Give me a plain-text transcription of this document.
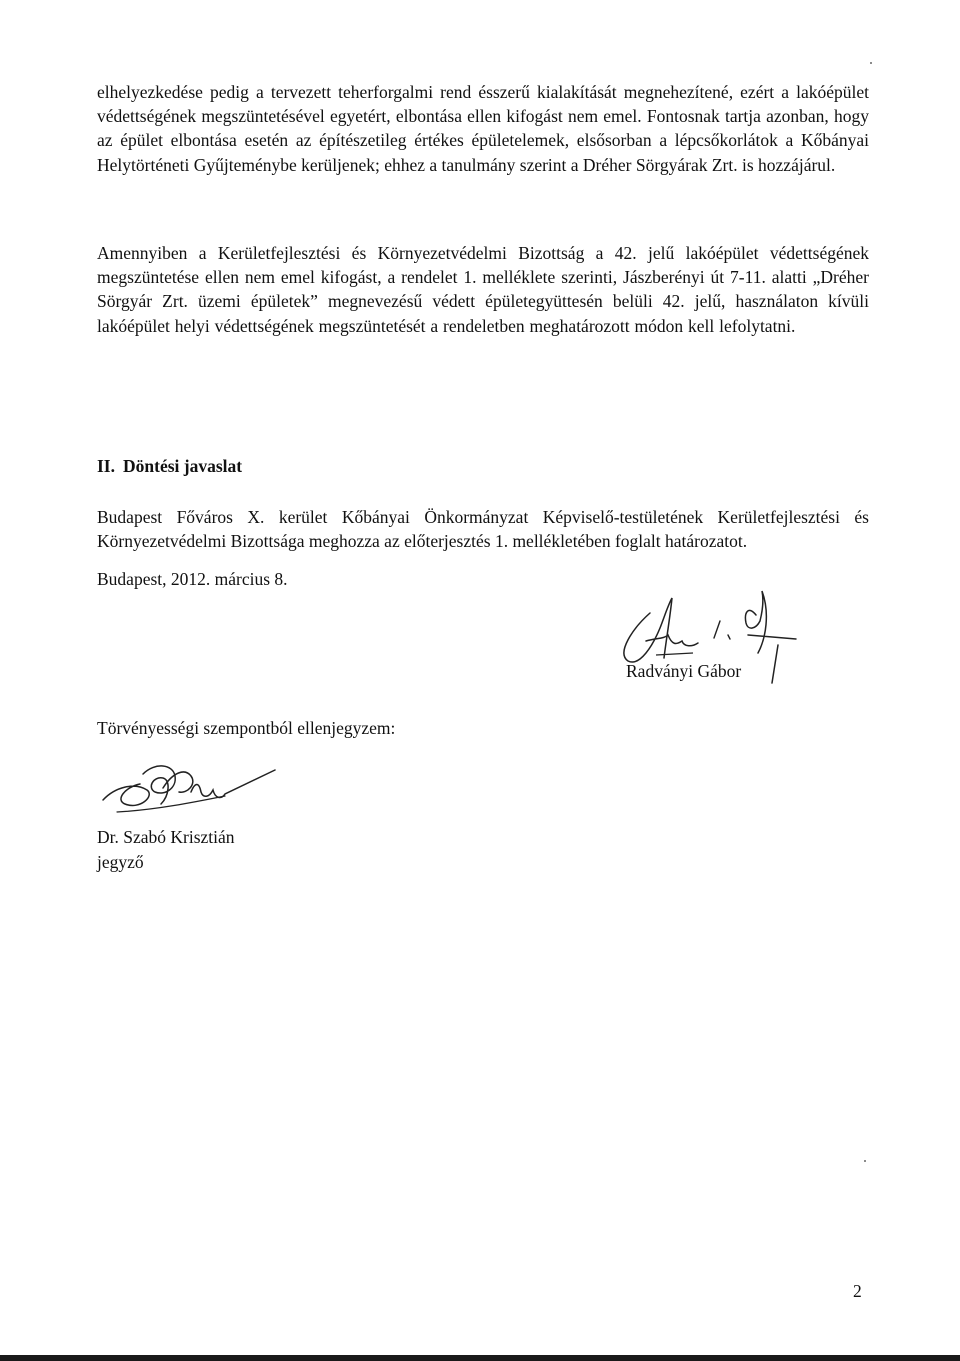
elhelyezkedése pedig a tervezett teherforgalmi rend ésszerű kialakítását megnehezítené, ezért a lakóépület védettségének megszüntetésével egyetért, elbontása ellen kifogást nem emel. Fontosnak tartja azonban, hogy az épület elbontása esetén az építészetileg értékes épületelemek, elsősorban a lépcsőkorlátok a Kőbányai Helytörténeti Gyűjteménybe kerüljenek; ehhez a tanulmány szerint a Dréher Sörgyárak Zrt. is hozzájárul.

Amennyiben a Kerületfejlesztési és Környezetvédelmi Bizottság a 42. jelű lakóépület védettségének megszüntetése ellen nem emel kifogást, a rendelet 1. melléklete szerinti, Jászberényi út 7-11. alatti „Dréher Sörgyár Zrt. üzemi épületek” megnevezésű védett épületegyüttesén belüli 42. jelű, használaton kívüli lakóépület helyi védettségének megszüntetését a rendeletben meghatározott módon kell lefolytatni.

II. Döntési javaslat

Budapest Főváros X. kerület Kőbányai Önkormányzat Képviselő-testületének Kerületfejlesztési és Környezetvédelmi Bizottsága meghozza az előterjesztés 1. mellékletében foglalt határozatot.

Budapest, 2012. március 8.

Radványi Gábor

Törvényességi szempontból ellenjegyzem:

Dr. Szabó Krisztián

jegyző

2
